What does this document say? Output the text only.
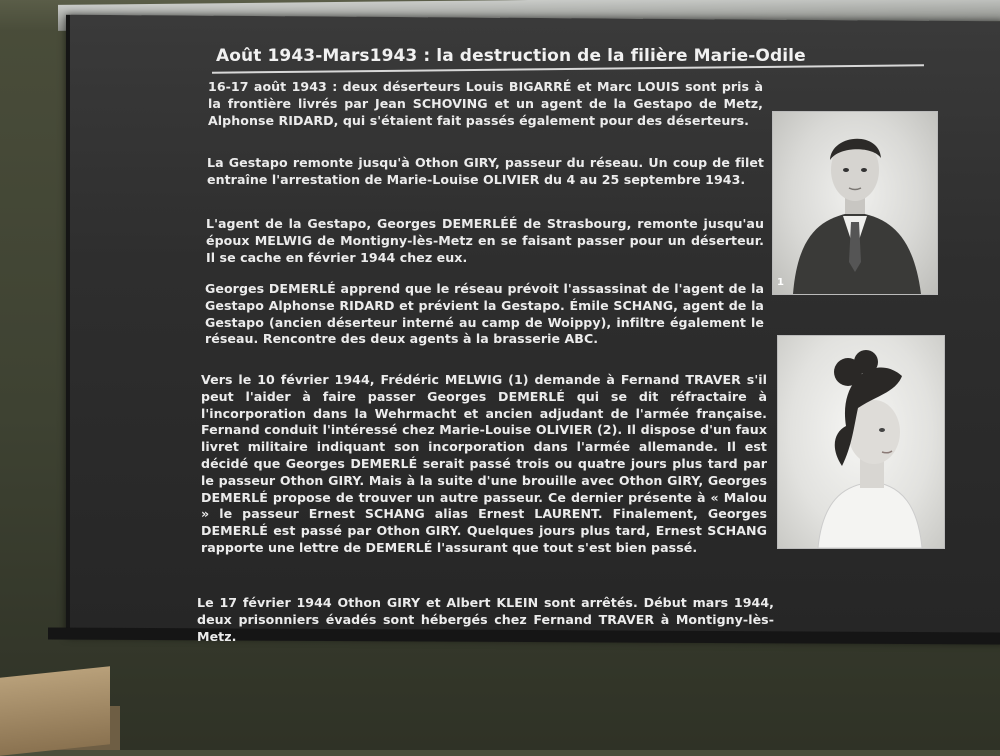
Août 1943-Mars1943 : la destruction de la filière Marie-Odile
16-17 août 1943 : deux déserteurs Louis BIGARRÉ et Marc LOUIS sont pris à la frontière livrés par Jean SCHOVING et un agent de la Gestapo de Metz, Alphonse RIDARD, qui s'étaient fait passés également pour des déserteurs.
La Gestapo remonte jusqu'à Othon GIRY, passeur du réseau. Un coup de filet entraîne l'arrestation de Marie-Louise OLIVIER du 4 au 25 septembre 1943.
L'agent de la Gestapo, Georges DEMERLÉÉ de Strasbourg, remonte jusqu'au époux MELWIG de Montigny-lès-Metz en se faisant passer pour un déserteur. Il se cache en février 1944 chez eux.
Georges DEMERLÉ apprend que le réseau prévoit l'assassinat de l'agent de la Gestapo Alphonse RIDARD et prévient la Gestapo. Émile SCHANG, agent de la Gestapo (ancien déserteur interné au camp de Woippy), infiltre également le réseau. Rencontre des deux agents à la brasserie ABC.
Vers le 10 février 1944, Frédéric MELWIG (1) demande à Fernand TRAVER s'il peut l'aider à faire passer Georges DEMERLÉ qui se dit réfractaire à l'incorporation dans la Wehrmacht et ancien adjudant de l'armée française. Fernand conduit l'intéressé chez Marie-Louise OLIVIER (2). Il dispose d'un faux livret militaire indiquant son incorporation dans l'armée allemande. Il est décidé que Georges DEMERLÉ serait passé trois ou quatre jours plus tard par le passeur Othon GIRY. Mais à la suite d'une brouille avec Othon GIRY, Georges DEMERLÉ propose de trouver un autre passeur. Ce dernier présente à « Malou » le passeur Ernest SCHANG alias Ernest LAURENT. Finalement, Georges DEMERLÉ est passé par Othon GIRY. Quelques jours plus tard, Ernest SCHANG rapporte une lettre de DEMERLÉ l'assurant que tout s'est bien passé.
Le 17 février 1944 Othon GIRY et Albert KLEIN sont arrêtés. Début mars 1944, deux prisonniers évadés sont hébergés chez Fernand TRAVER à Montigny-lès-Metz.
1
